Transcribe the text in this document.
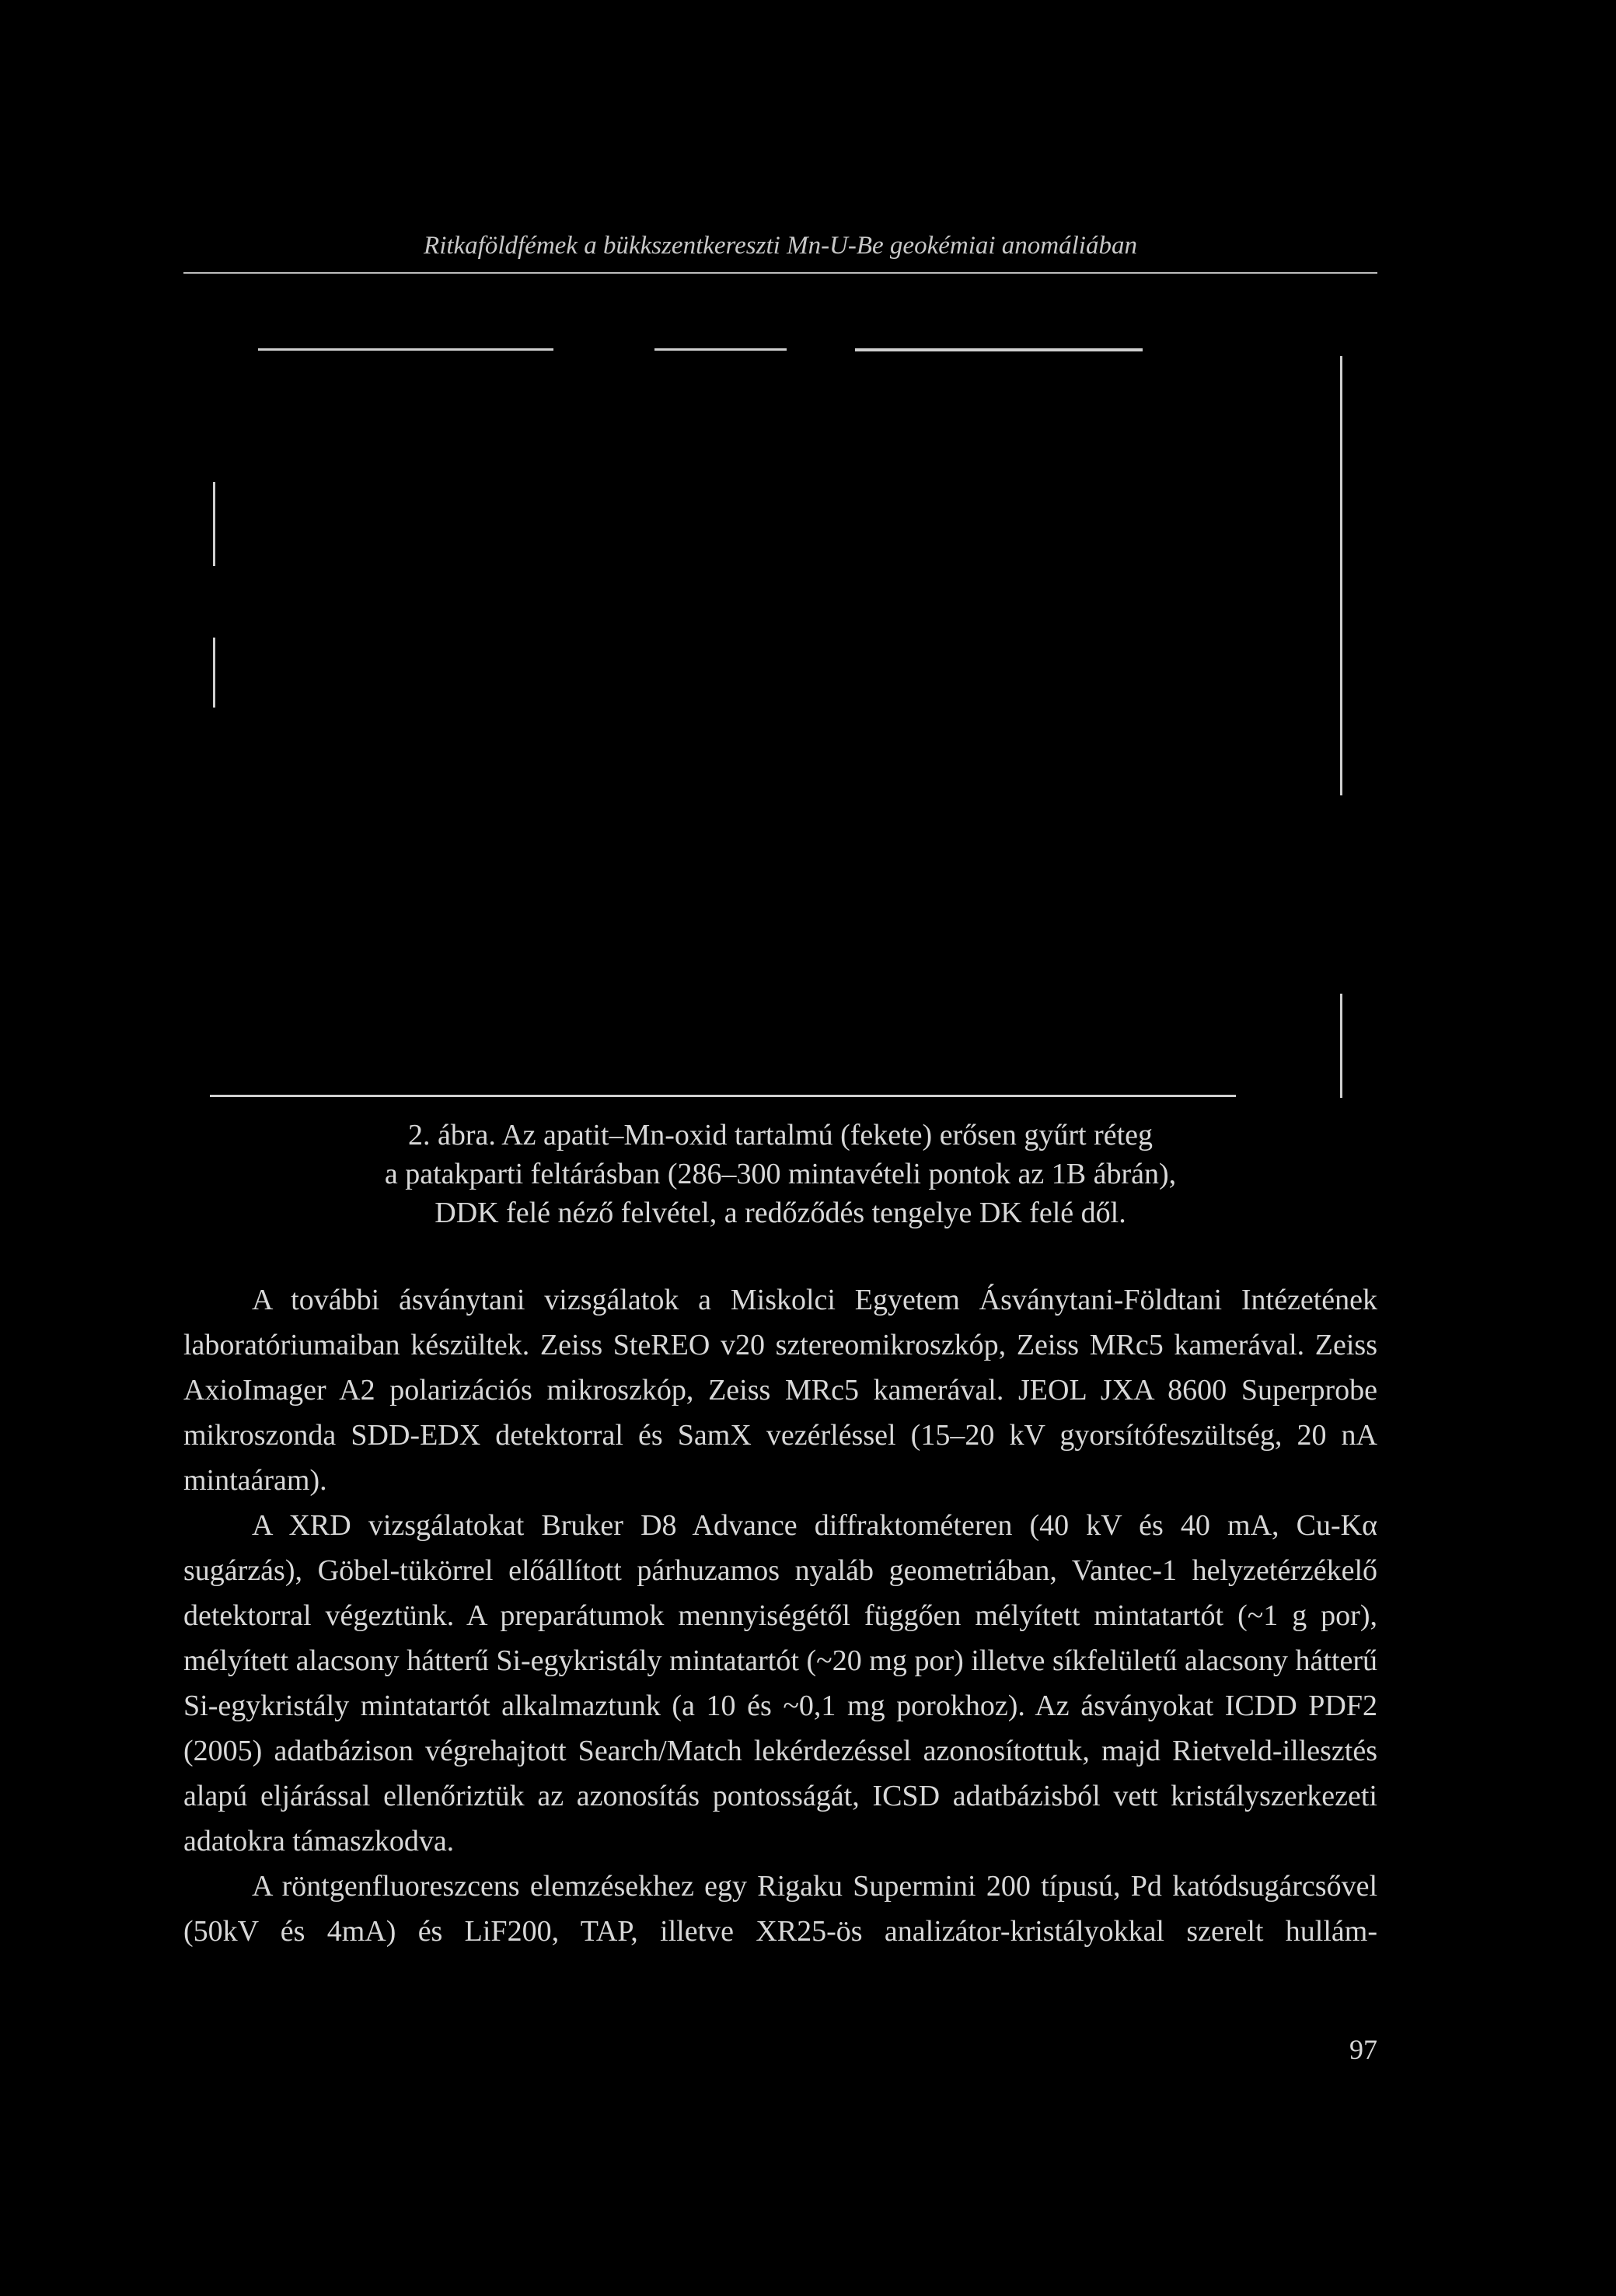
Ritkaföldfémek a bükkszentkereszti Mn-U-Be geokémiai anomáliában

2. ábra. Az apatit–Mn-oxid tartalmú (fekete) erősen gyűrt réteg

a patakparti feltárásban (286–300 mintavételi pontok az 1B ábrán),

DDK felé néző felvétel, a redőződés tengelye DK felé dől.

A további ásványtani vizsgálatok a Miskolci Egyetem Ásványtani-Földtani Intézetének laboratóriumaiban készültek. Zeiss SteREO v20 sztereomikroszkóp, Zeiss MRc5 kamerával. Zeiss AxioImager A2 polarizációs mikroszkóp, Zeiss MRc5 kamerával. JEOL JXA 8600 Superprobe mikroszonda SDD-EDX detektorral és SamX vezérléssel (15–20 kV gyorsítófeszültség, 20 nA mintaáram).

A XRD vizsgálatokat Bruker D8 Advance diffraktométeren (40 kV és 40 mA, Cu-Kα sugárzás), Göbel-tükörrel előállított párhuzamos nyaláb geometriában, Vantec-1 helyzetérzékelő detektorral végeztünk. A preparátumok mennyiségétől függően mélyített mintatartót (~1 g por), mélyített alacsony hátterű Si-egykristály mintatartót (~20 mg por) illetve síkfelületű alacsony hátterű Si-egykristály mintatartót alkalmaztunk (a 10 és ~0,1 mg porokhoz). Az ásványokat ICDD PDF2 (2005) adatbázison végrehajtott Search/Match lekérdezéssel azonosítottuk, majd Rietveld-illesztés alapú eljárással ellenőriztük az azonosítás pontosságát, ICSD adatbázisból vett kristályszerkezeti adatokra támaszkodva.

A röntgenfluoreszcens elemzésekhez egy Rigaku Supermini 200 típusú, Pd katódsugárcsővel (50kV és 4mA) és LiF200, TAP, illetve XR25-ös analizátor-kristályokkal szerelt hullám-

97
